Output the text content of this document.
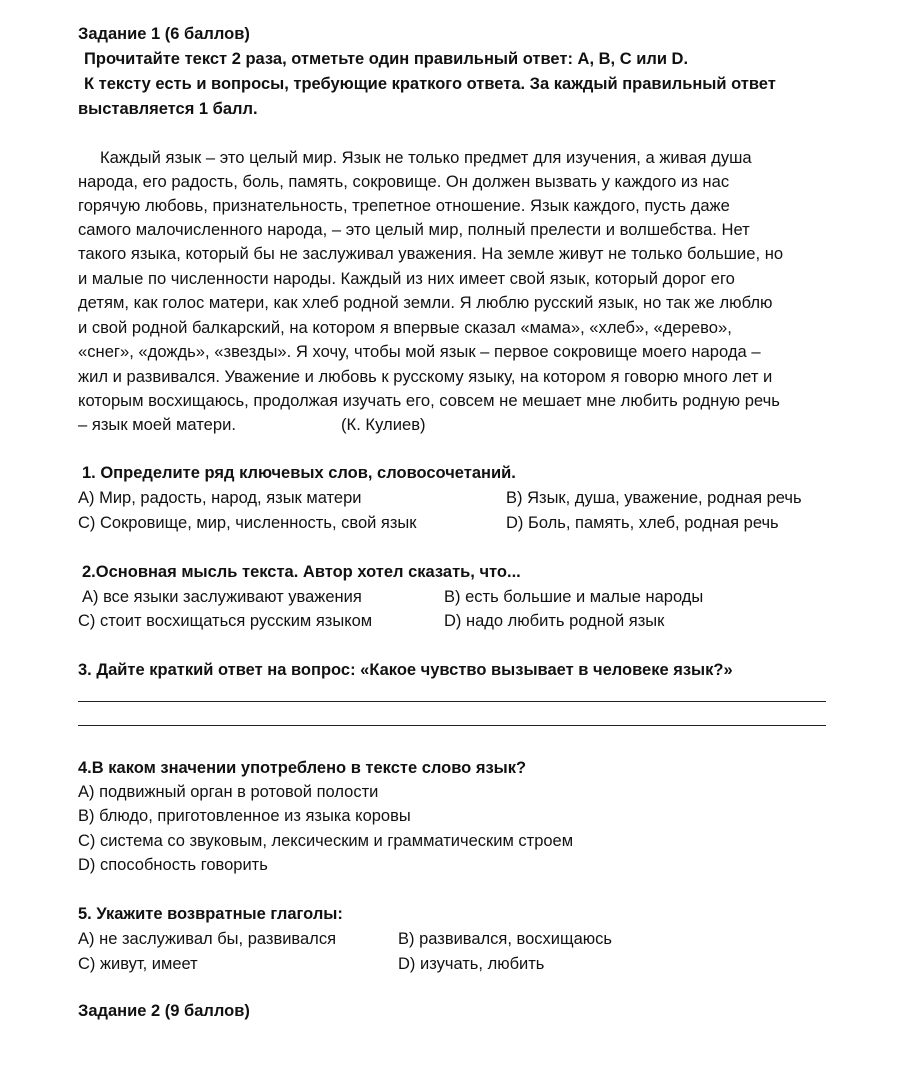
Задание 1 (6 баллов)
Прочитайте текст 2 раза, отметьте один правильный ответ: A, B, C или D.
К тексту есть и вопросы, требующие краткого ответа. За каждый правильный ответ
выставляется 1 балл.
Каждый язык – это целый мир. Язык не только предмет для изучения, а живая душа
народа, его радость, боль, память, сокровище. Он должен вызвать у каждого из нас
горячую любовь, признательность, трепетное отношение. Язык каждого, пусть даже
самого малочисленного народа, – это целый мир, полный прелести и волшебства. Нет
такого языка, который бы не заслуживал уважения. На земле живут не только большие, но
и малые по численности народы. Каждый из них имеет свой язык, который дорог его
детям, как голос матери, как хлеб родной земли. Я люблю русский язык, но так же люблю
и свой родной балкарский, на котором я впервые сказал «мама», «хлеб», «дерево»,
«снег», «дождь», «звезды». Я хочу, чтобы мой язык – первое сокровище моего народа –
жил и развивался. Уважение и любовь к русскому языку, на котором я говорю много лет и
которым восхищаюсь, продолжая изучать его, совсем не мешает мне любить родную речь
– язык моей матери.	(К. Кулиев)
1. Определите ряд ключевых слов, словосочетаний.
A) Мир, радость, народ, язык матери	B) Язык, душа, уважение, родная речь
C) Сокровище, мир, численность, свой язык	D) Боль, память, хлеб, родная речь
2.Основная мысль текста. Автор хотел сказать, что...
A) все языки заслуживают уважения	B) есть большие и малые народы
C) стоит восхищаться русским языком	D) надо любить родной язык
3. Дайте краткий ответ на вопрос: «Какое чувство вызывает в человеке язык?»
4.В каком значении употреблено в тексте слово язык?
A) подвижный орган в ротовой полости
B) блюдо, приготовленное из языка коровы
C) система со звуковым, лексическим и грамматическим строем
D) способность говорить
5. Укажите возвратные глаголы:
A) не заслуживал бы, развивался	B) развивался, восхищаюсь
C) живут, имеет	D) изучать, любить
Задание 2 (9 баллов)
